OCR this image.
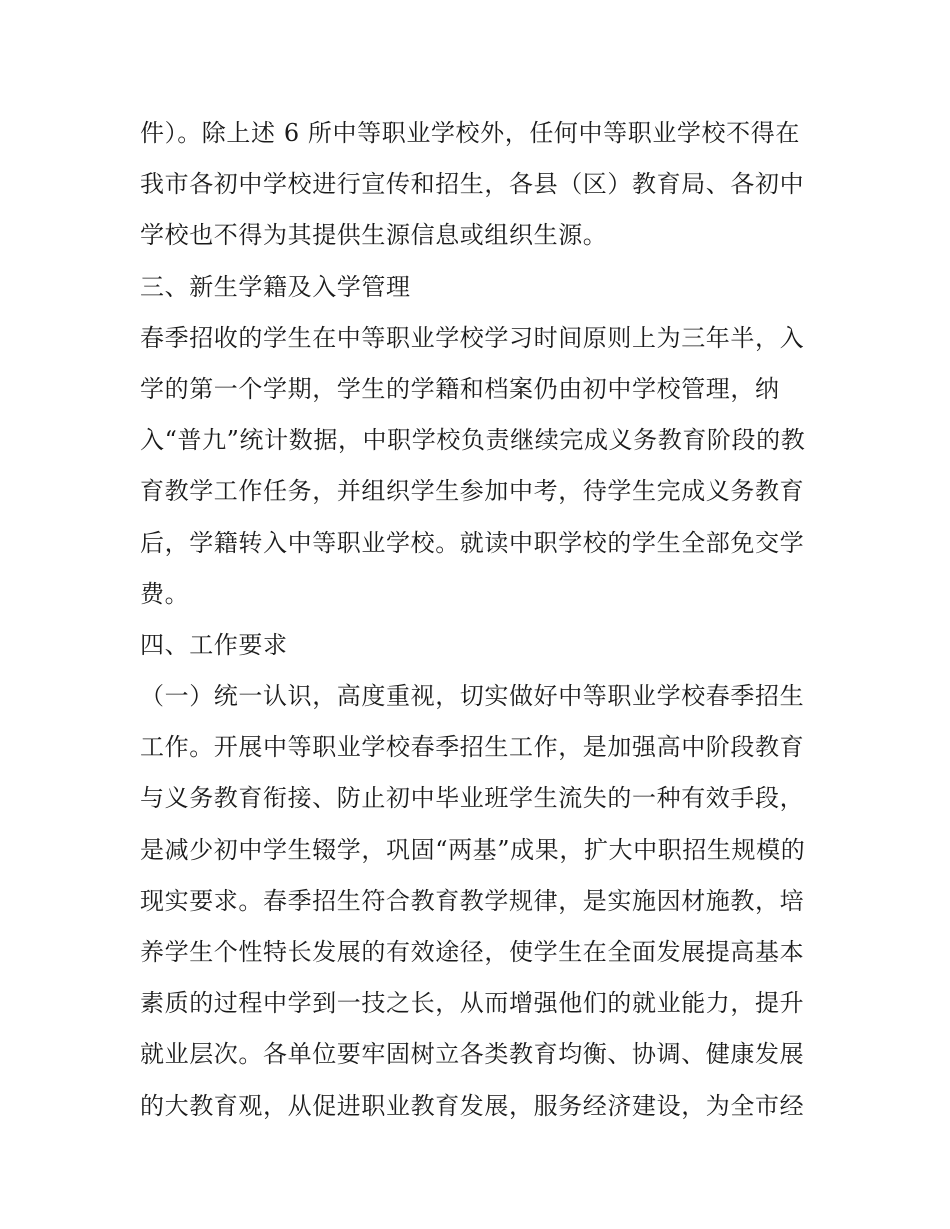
件）。除上述 6 所中等职业学校外，任何中等职业学校不得在
我市各初中学校进行宣传和招生，各县（区）教育局、各初中
学校也不得为其提供生源信息或组织生源。
三、新生学籍及入学管理
春季招收的学生在中等职业学校学习时间原则上为三年半，入
学的第一个学期，学生的学籍和档案仍由初中学校管理，纳
入“普九”统计数据，中职学校负责继续完成义务教育阶段的教
育教学工作任务，并组织学生参加中考，待学生完成义务教育
后，学籍转入中等职业学校。就读中职学校的学生全部免交学
费。
四、工作要求
（一）统一认识，高度重视，切实做好中等职业学校春季招生
工作。开展中等职业学校春季招生工作，是加强高中阶段教育
与义务教育衔接、防止初中毕业班学生流失的一种有效手段，
是减少初中学生辍学，巩固“两基”成果，扩大中职招生规模的
现实要求。春季招生符合教育教学规律，是实施因材施教，培
养学生个性特长发展的有效途径，使学生在全面发展提高基本
素质的过程中学到一技之长，从而增强他们的就业能力，提升
就业层次。各单位要牢固树立各类教育均衡、协调、健康发展
的大教育观，从促进职业教育发展，服务经济建设，为全市经
